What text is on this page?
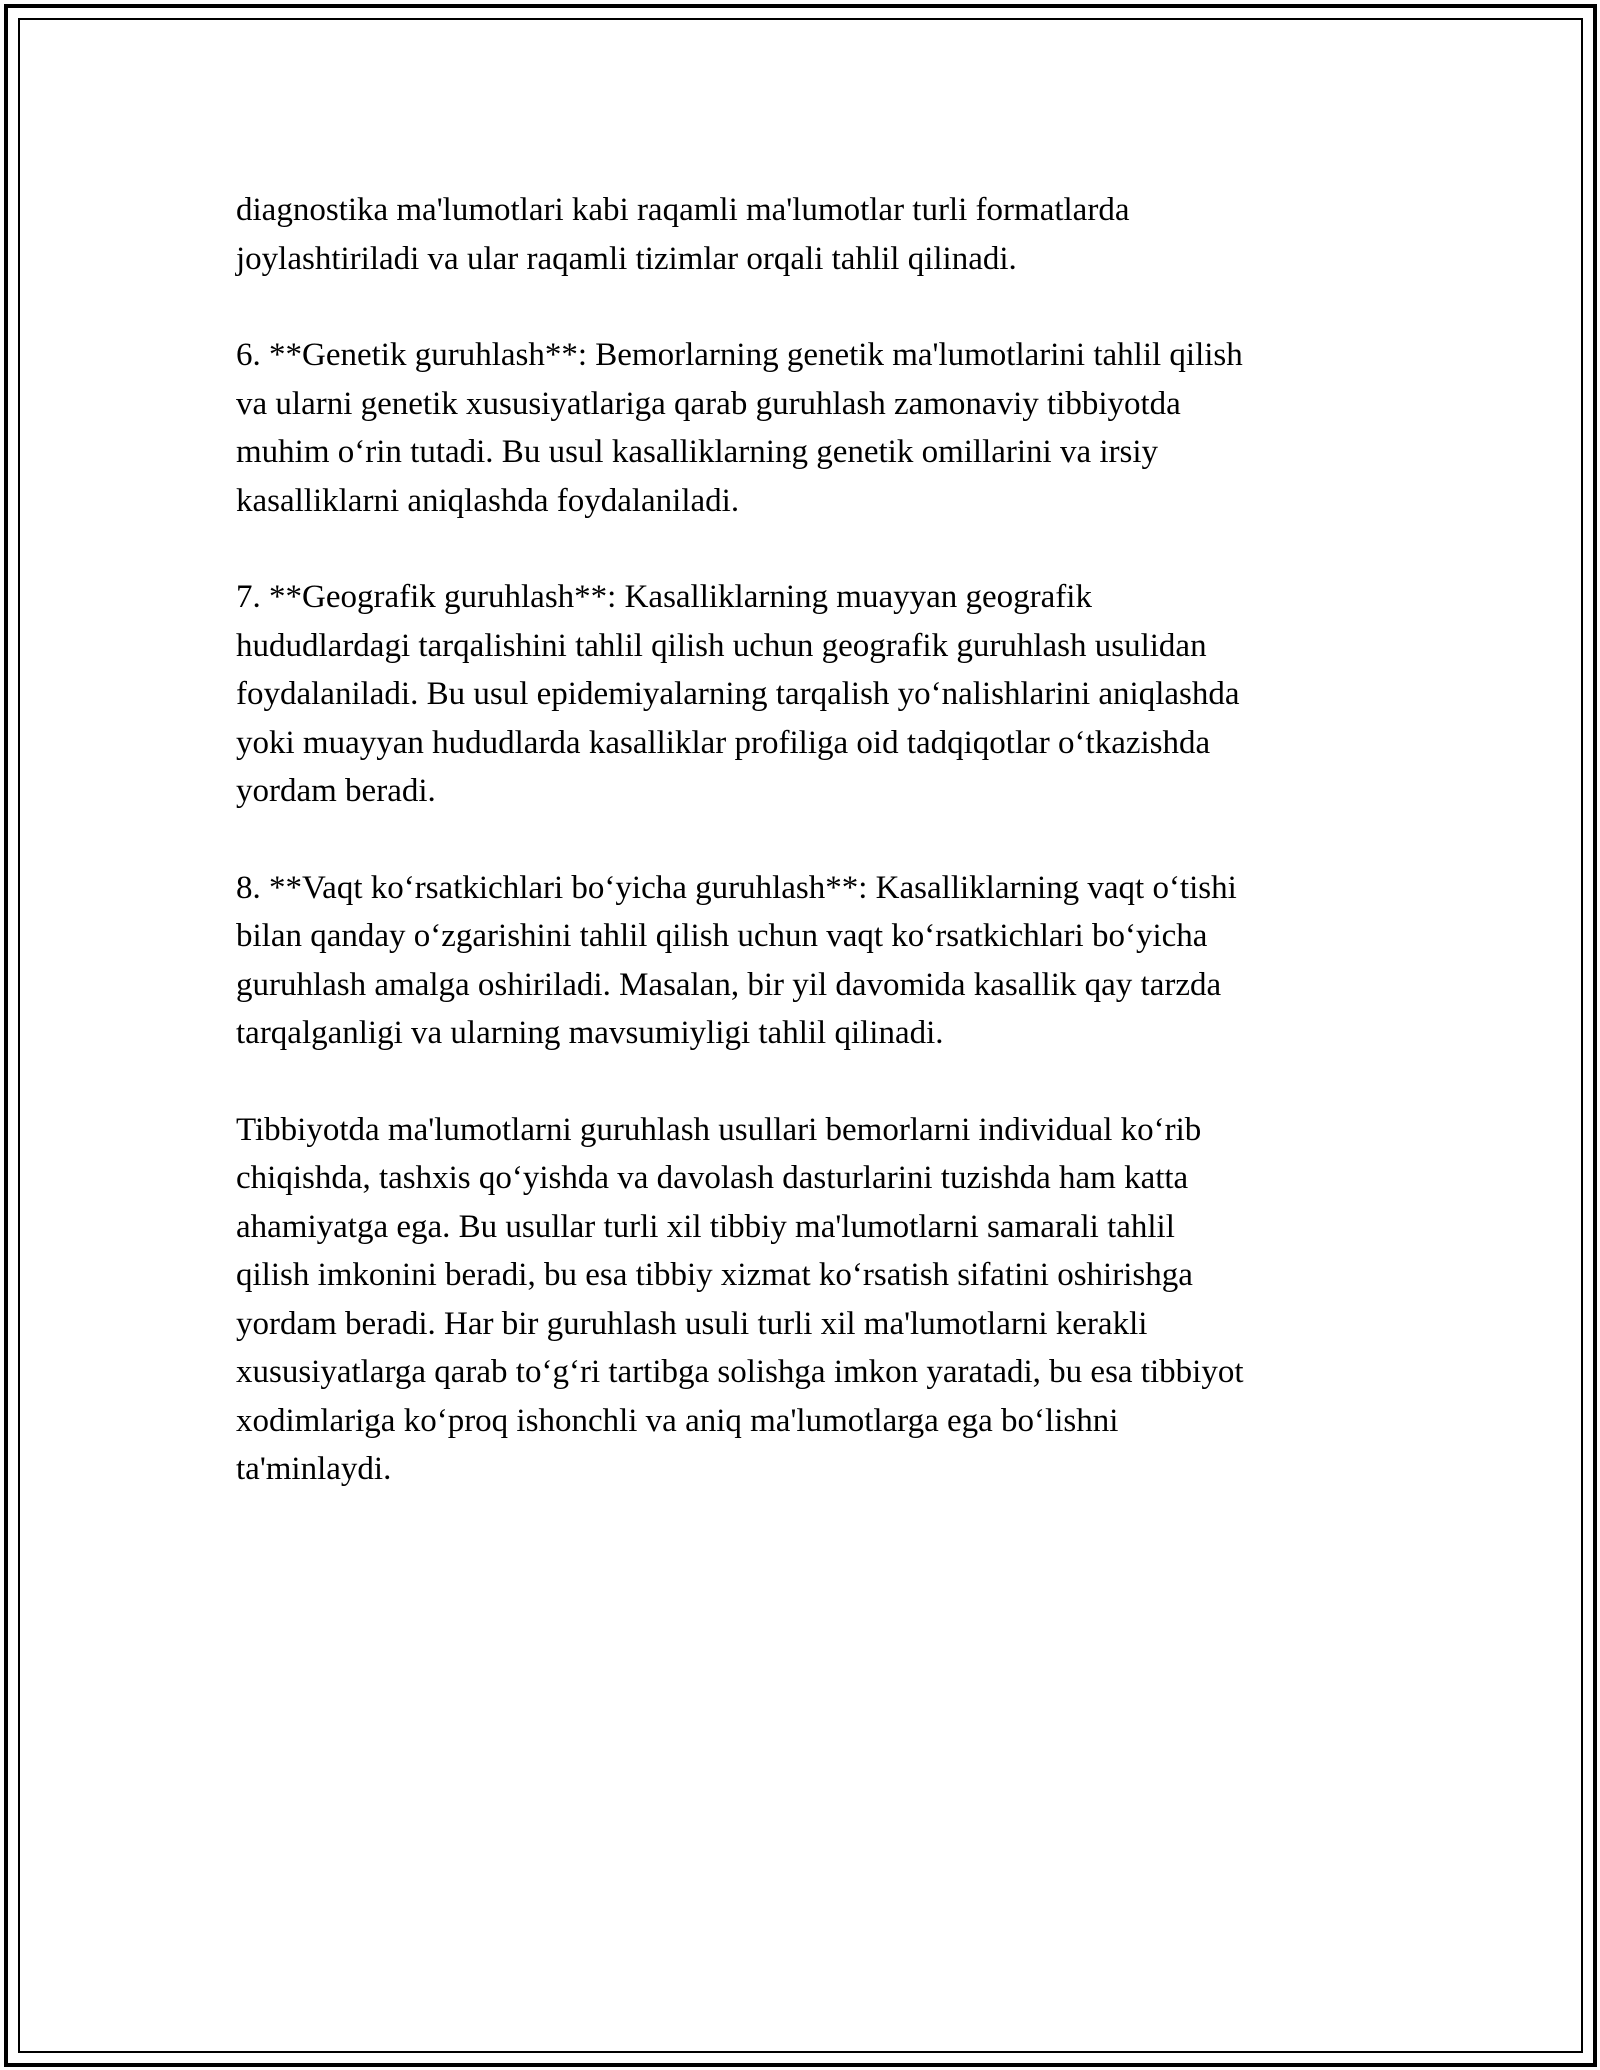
diagnostika ma'lumotlari kabi raqamli ma'lumotlar turli formatlarda
joylashtiriladi va ular raqamli tizimlar orqali tahlil qilinadi.
6. **Genetik guruhlash**: Bemorlarning genetik ma'lumotlarini tahlil qilish
va ularni genetik xususiyatlariga qarab guruhlash zamonaviy tibbiyotda
muhim o‘rin tutadi. Bu usul kasalliklarning genetik omillarini va irsiy
kasalliklarni aniqlashda foydalaniladi.
7. **Geografik guruhlash**: Kasalliklarning muayyan geografik
hududlardagi tarqalishini tahlil qilish uchun geografik guruhlash usulidan
foydalaniladi. Bu usul epidemiyalarning tarqalish yo‘nalishlarini aniqlashda
yoki muayyan hududlarda kasalliklar profiliga oid tadqiqotlar o‘tkazishda
yordam beradi.
8. **Vaqt ko‘rsatkichlari bo‘yicha guruhlash**: Kasalliklarning vaqt o‘tishi
bilan qanday o‘zgarishini tahlil qilish uchun vaqt ko‘rsatkichlari bo‘yicha
guruhlash amalga oshiriladi. Masalan, bir yil davomida kasallik qay tarzda
tarqalganligi va ularning mavsumiyligi tahlil qilinadi.
Tibbiyotda ma'lumotlarni guruhlash usullari bemorlarni individual ko‘rib
chiqishda, tashxis qo‘yishda va davolash dasturlarini tuzishda ham katta
ahamiyatga ega. Bu usullar turli xil tibbiy ma'lumotlarni samarali tahlil
qilish imkonini beradi, bu esa tibbiy xizmat ko‘rsatish sifatini oshirishga
yordam beradi. Har bir guruhlash usuli turli xil ma'lumotlarni kerakli
xususiyatlarga qarab to‘g‘ri tartibga solishga imkon yaratadi, bu esa tibbiyot
xodimlariga ko‘proq ishonchli va aniq ma'lumotlarga ega bo‘lishni
ta'minlaydi.
